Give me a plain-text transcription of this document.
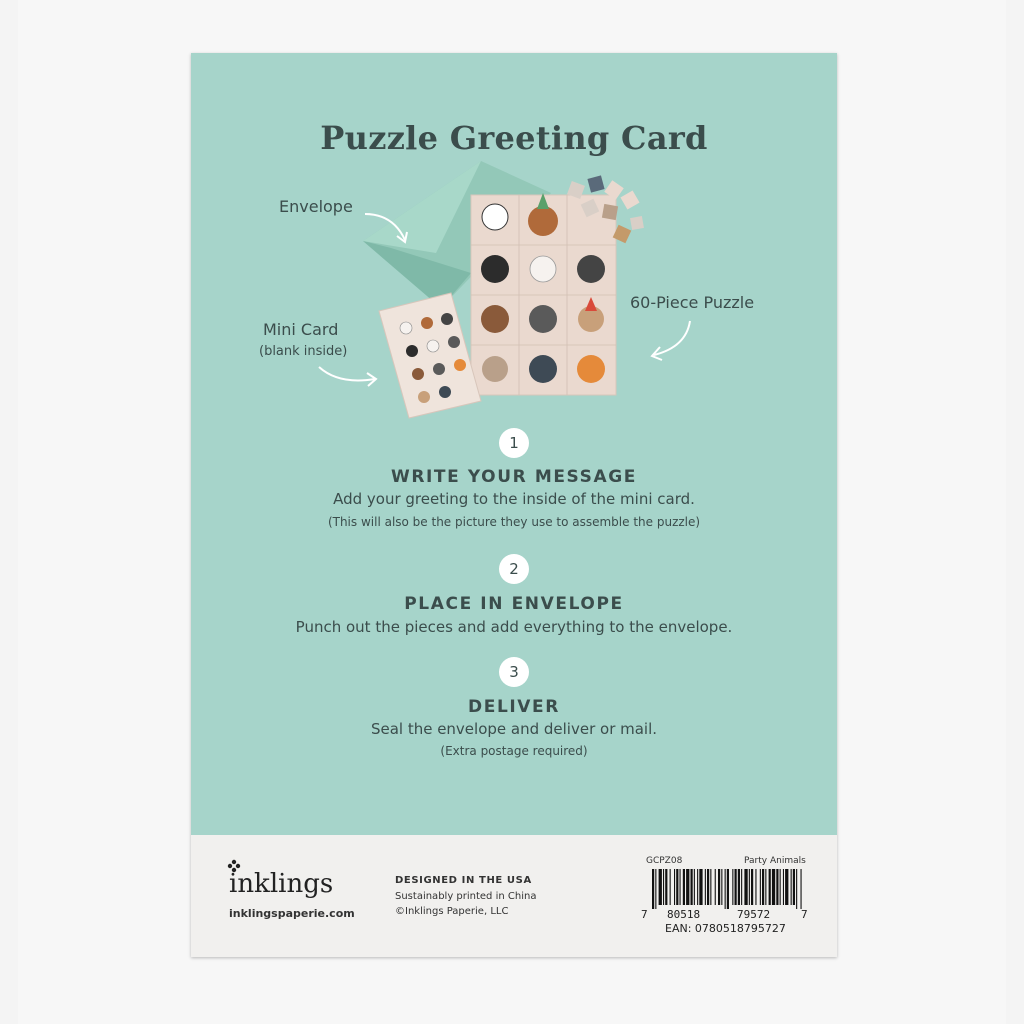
Puzzle Greeting Card
Envelope
60-Piece Puzzle
Mini Card
(blank inside)
1
WRITE YOUR MESSAGE
Add your greeting to the inside of the mini card.
(This will also be the picture they use to assemble the puzzle)
2
PLACE IN ENVELOPE
Punch out the pieces and add everything to the envelope.
3
DELIVER
Seal the envelope and deliver or mail.
(Extra postage required)
inklings
inklingspaperie.com
DESIGNED IN THE USA
Sustainably printed in China
©Inklings Paperie, LLC
GCPZ08	Party Animals
7 80518	79572	7
EAN: 0780518795727
